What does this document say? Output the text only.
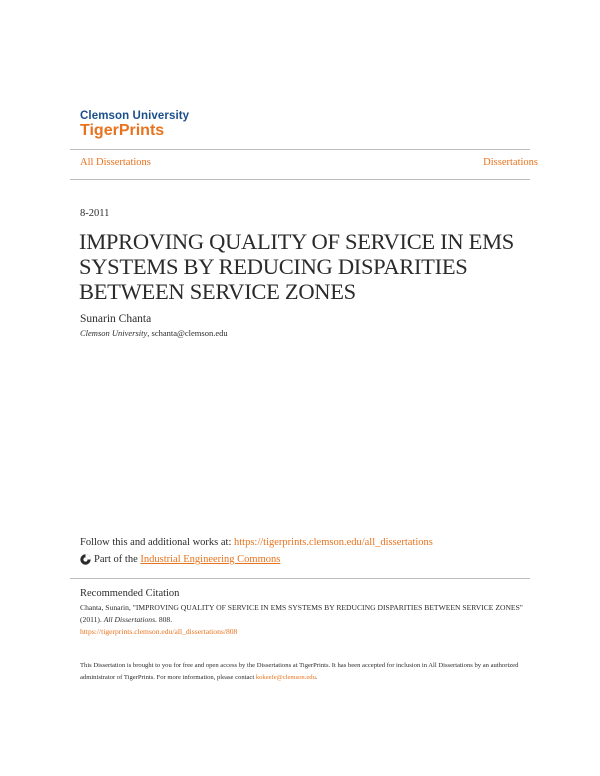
Clemson University
TigerPrints
All Dissertations	Dissertations
8-2011
IMPROVING QUALITY OF SERVICE IN EMS SYSTEMS BY REDUCING DISPARITIES BETWEEN SERVICE ZONES
Sunarin Chanta
Clemson University, schanta@clemson.edu
Follow this and additional works at: https://tigerprints.clemson.edu/all_dissertations
Part of the
Industrial Engineering Commons
Recommended Citation
Chanta, Sunarin, "IMPROVING QUALITY OF SERVICE IN EMS SYSTEMS BY REDUCING DISPARITIES BETWEEN SERVICE ZONES" (2011). All Dissertations. 808.
https://tigerprints.clemson.edu/all_dissertations/808
This Dissertation is brought to you for free and open access by the Dissertations at TigerPrints. It has been accepted for inclusion in All Dissertations by an authorized administrator of TigerPrints. For more information, please contact kokeefe@clemson.edu.
